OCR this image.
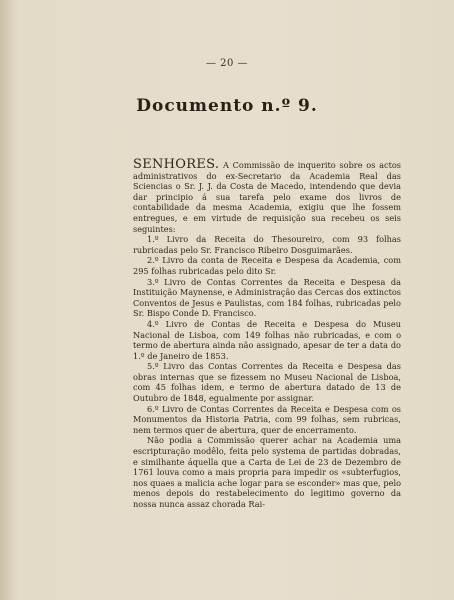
— 20 —
Documento n.º 9.

SENHORES. A Commissão de inquerito sobre os actos administrativos do ex-Secretario da Academia Real das Sciencias o Sr. J. J. da Costa de Macedo, intendendo que devia dar principio á sua tarefa pelo exame dos livros de contabilidade da mesma Academia, exigiu que lhe fossem entregues, e em virtude de requisição sua recebeu os seis seguintes:

1.º Livro da Receita do Thesoureiro, com 93 folhas rubricadas pelo Sr. Francisco Ribeiro Dosguimarães.

2.º Livro da conta de Receita e Despesa da Academia, com 295 folhas rubricadas pelo dito Sr.

3.º Livro de Contas Correntes da Receita e Despesa da Instituição Maynense, e Administração das Cercas dos extinctos Conventos de Jesus e Paulistas, com 184 folhas, rubricadas pelo Sr. Bispo Conde D. Francisco.

4.º Livro de Contas de Receita e Despesa do Museu Nacional de Lisboa, com 149 folhas não rubricadas, e com o termo de abertura ainda não assignado, apesar de ter a data do 1.º de Janeiro de 1853.

5.º Livro das Contas Correntes da Receita e Despesa das obras internas que se fizessem no Museu Nacional de Lisboa, com 45 folhas idem, e termo de abertura datado de 13 de Outubro de 1848, egualmente por assignar.

6.º Livro de Contas Correntes da Receita e Despesa com os Monumentos da Historia Patria, com 99 folhas, sem rubricas, nem termos quer de abertura, quer de encerramento.

Não podia a Commissão querer achar na Academia uma escripturação modêlo, feita pelo systema de partidas dobradas, e similhante áquella que a Carta de Lei de 23 de Dezembro de 1761 louva como a mais propria para impedir os «subterfugios, nos quaes a malicia ache logar para se esconder» mas que, pelo menos depois do restabelecimento do legitimo governo da nossa nunca assaz chorada Rai-
